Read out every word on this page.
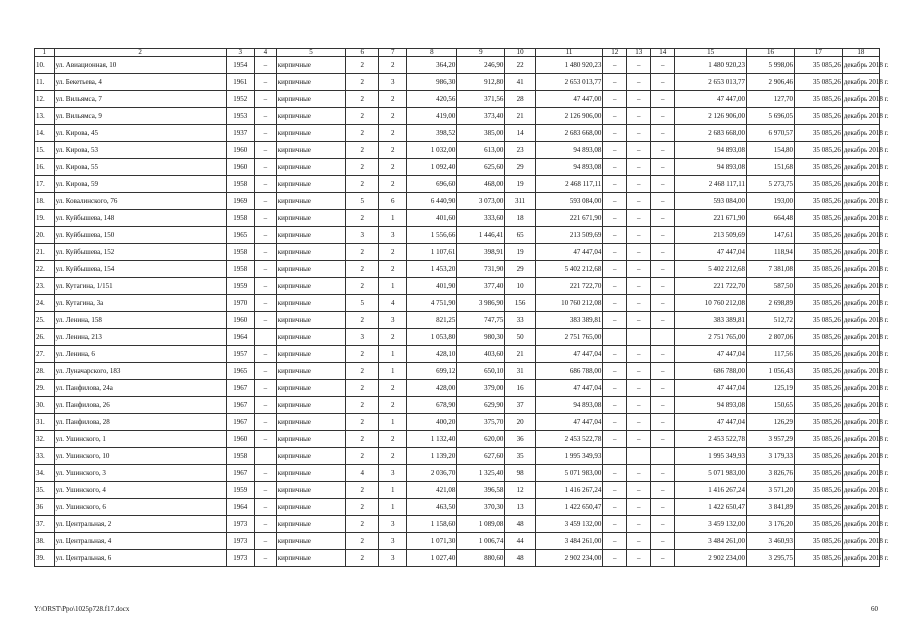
1	2	3	4	5	6	7	8	9	10	11	12	13	14	15	16	17	18
10.	ул. Авиационная, 10	1954	–	кирпичные	2	2	364,20	246,90	22	1 480 920,23	–	–	–	1 480 920,23	5 998,06	35 085,26	декабрь 2018 г.
11.	ул. Бекетьева, 4	1961	–	кирпичные	2	3	986,30	912,80	41	2 653 013,77	–	–	–	2 653 013,77	2 906,46	35 085,26	декабрь 2018 г.
12.	ул. Вильямса, 7	1952	–	кирпичные	2	2	420,56	371,56	28	47 447,00	–	–	–	47 447,00	127,70	35 085,26	декабрь 2018 г.
13.	ул. Вильямса, 9	1953	–	кирпичные	2	2	419,00	373,40	21	2 126 906,00	–	–	–	2 126 906,00	5 696,05	35 085,26	декабрь 2018 г.
14.	ул. Кирова, 45	1937	–	кирпичные	2	2	398,52	385,00	14	2 683 668,00	–	–	–	2 683 668,00	6 970,57	35 085,26	декабрь 2018 г.
15.	ул. Кирова, 53	1960	–	кирпичные	2	2	1 032,00	613,00	23	94 893,08	–	–	–	94 893,08	154,80	35 085,26	декабрь 2018 г.
16.	ул. Кирова, 55	1960	–	кирпичные	2	2	1 092,40	625,60	29	94 893,08	–	–	–	94 893,08	151,68	35 085,26	декабрь 2018 г.
17.	ул. Кирова, 59	1958	–	кирпичные	2	2	696,60	468,00	19	2 468 117,11	–	–	–	2 468 117,11	5 273,75	35 085,26	декабрь 2018 г.
18.	ул. Ковалинского, 76	1969	–	кирпичные	5	6	6 440,90	3 073,00	311	593 084,00	–	–	–	593 084,00	193,00	35 085,26	декабрь 2018 г.
19.	ул. Куйбышева, 148	1958	–	кирпичные	2	1	401,60	333,60	18	221 671,90	–	–	–	221 671,90	664,48	35 085,26	декабрь 2018 г.
20.	ул. Куйбышева, 150	1965	–	кирпичные	3	3	1 556,66	1 446,41	65	213 509,69	–	–	–	213 509,69	147,61	35 085,26	декабрь 2018 г.
21.	ул. Куйбышева, 152	1958	–	кирпичные	2	2	1 107,61	398,91	19	47 447,04	–	–	–	47 447,04	118,94	35 085,26	декабрь 2018 г.
22.	ул. Куйбышева, 154	1958	–	кирпичные	2	2	1 453,20	731,90	29	5 402 212,68	–	–	–	5 402 212,68	7 381,08	35 085,26	декабрь 2018 г.
23.	ул. Кутагина, 1/151	1959	–	кирпичные	2	1	401,90	377,40	10	221 722,70	–	–	–	221 722,70	587,50	35 085,26	декабрь 2018 г.
24.	ул. Кутагина, 3а	1970	–	кирпичные	5	4	4 751,90	3 986,90	156	10 760 212,08	–	–	–	10 760 212,08	2 698,89	35 085,26	декабрь 2018 г.
25.	ул. Ленина, 158	1960	–	кирпичные	2	3	821,25	747,75	33	383 389,81	–	–	–	383 389,81	512,72	35 085,26	декабрь 2018 г.
26.	ул. Ленина, 213	1964		кирпичные	3	2	1 053,80	980,30	50	2 751 765,00				2 751 765,00	2 807,06	35 085,26	декабрь 2018 г.
27.	ул. Ленина, 6	1957	–	кирпичные	2	1	428,10	403,60	21	47 447,04	–	–	–	47 447,04	117,56	35 085,26	декабрь 2018 г.
28.	ул. Луначарского, 183	1965	–	кирпичные	2	1	699,12	650,10	31	686 788,00	–	–	–	686 788,00	1 056,43	35 085,26	декабрь 2018 г.
29.	ул. Панфилова, 24а	1967	–	кирпичные	2	2	428,00	379,00	16	47 447,04	–	–	–	47 447,04	125,19	35 085,26	декабрь 2018 г.
30.	ул. Панфилова, 26	1967	–	кирпичные	2	2	678,90	629,90	37	94 893,08	–	–	–	94 893,08	150,65	35 085,26	декабрь 2018 г.
31.	ул. Панфилова, 28	1967	–	кирпичные	2	1	400,20	375,70	20	47 447,04	–	–	–	47 447,04	126,29	35 085,26	декабрь 2018 г.
32.	ул. Ушинского, 1	1960	–	кирпичные	2	2	1 132,40	620,00	36	2 453 522,78	–	–	–	2 453 522,78	3 957,29	35 085,26	декабрь 2018 г.
33.	ул. Ушинского, 10	1958		кирпичные	2	2	1 139,20	627,60	35	1 995 349,93				1 995 349,93	3 179,33	35 085,26	декабрь 2018 г.
34.	ул. Ушинского, 3	1967	–	кирпичные	4	3	2 036,70	1 325,40	98	5 071 983,00	–	–	–	5 071 983,00	3 826,76	35 085,26	декабрь 2018 г.
35.	ул. Ушинского, 4	1959	–	кирпичные	2	1	421,08	396,58	12	1 416 267,24	–	–	–	1 416 267,24	3 571,20	35 085,26	декабрь 2018 г.
36	ул. Ушинского, 6	1964	–	кирпичные	2	1	463,50	370,30	13	1 422 650,47	–	–	–	1 422 650,47	3 841,89	35 085,26	декабрь 2018 г.
37.	ул. Центральная, 2	1973	–	кирпичные	2	3	1 158,60	1 089,08	48	3 459 132,00	–	–	–	3 459 132,00	3 176,20	35 085,26	декабрь 2018 г.
38.	ул. Центральная, 4	1973	–	кирпичные	2	3	1 071,30	1 006,74	44	3 484 261,00	–	–	–	3 484 261,00	3 460,93	35 085,26	декабрь 2018 г.
39.	ул. Центральная, 6	1973	–	кирпичные	2	3	1 027,40	880,60	48	2 902 234,00	–	–	–	2 902 234,00	3 295,75	35 085,26	декабрь 2018 г.
Y:\ORST\Ppo\1025p728.f17.docx	60
